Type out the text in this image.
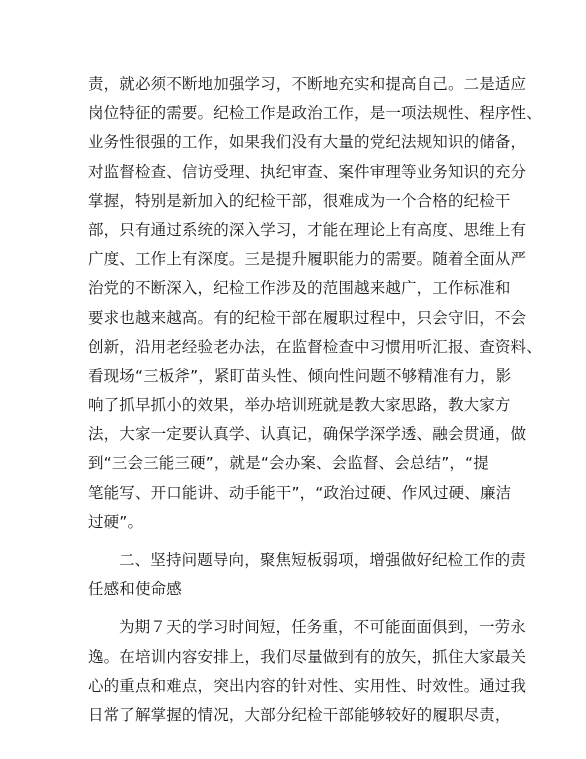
责，就必须不断地加强学习，不断地充实和提高自己。二是适应
岗位特征的需要。纪检工作是政治工作，是一项法规性、程序性、
业务性很强的工作，如果我们没有大量的党纪法规知识的储备，
对监督检查、信访受理、执纪审查、案件审理等业务知识的充分
掌握，特别是新加入的纪检干部，很难成为一个合格的纪检干
部，只有通过系统的深入学习，才能在理论上有高度、思维上有
广度、工作上有深度。三是提升履职能力的需要。随着全面从严
治党的不断深入，纪检工作涉及的范围越来越广，工作标准和
要求也越来越高。有的纪检干部在履职过程中，只会守旧，不会
创新，沿用老经验老办法，在监督检查中习惯用听汇报、查资料、
看现场“三板斧”，紧盯苗头性、倾向性问题不够精准有力，影
响了抓早抓小的效果，举办培训班就是教大家思路，教大家方
法，大家一定要认真学、认真记，确保学深学透、融会贯通，做
到“三会三能三硬”，就是“会办案、会监督、会总结”，“提
笔能写、开口能讲、动手能干”，“政治过硬、作风过硬、廉洁
过硬”。
二、坚持问题导向，聚焦短板弱项，增强做好纪检工作的责
任感和使命感
为期７天的学习时间短，任务重，不可能面面俱到，一劳永
逸。在培训内容安排上，我们尽量做到有的放矢，抓住大家最关
心的重点和难点，突出内容的针对性、实用性、时效性。通过我
日常了解掌握的情况，大部分纪检干部能够较好的履职尽责，
